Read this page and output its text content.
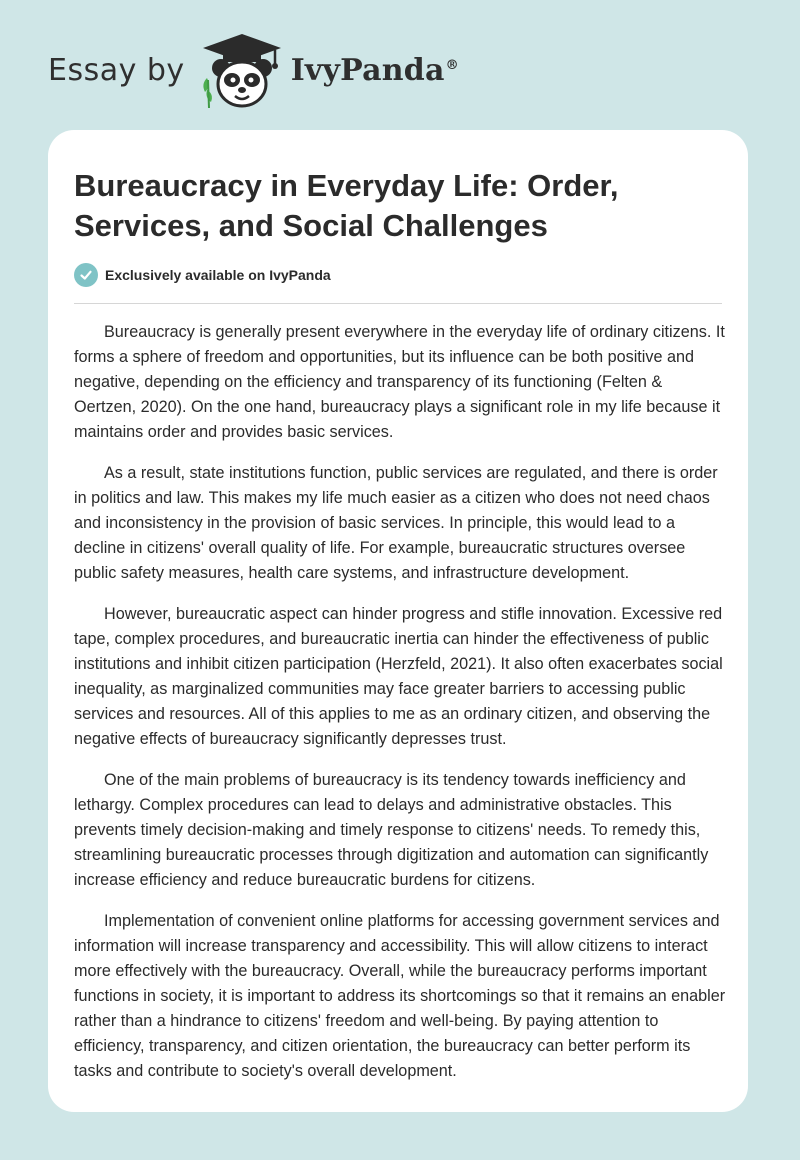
Essay by	IvyPanda®
Bureaucracy in Everyday Life: Order, Services, and Social Challenges
Exclusively available on IvyPanda

Bureaucracy is generally present everywhere in the everyday life of ordinary citizens. It forms a sphere of freedom and opportunities, but its influence can be both positive and negative, depending on the efficiency and transparency of its functioning (Felten & Oertzen, 2020). On the one hand, bureaucracy plays a significant role in my life because it maintains order and provides basic services.

As a result, state institutions function, public services are regulated, and there is order in politics and law. This makes my life much easier as a citizen who does not need chaos and inconsistency in the provision of basic services. In principle, this would lead to a decline in citizens' overall quality of life. For example, bureaucratic structures oversee public safety measures, health care systems, and infrastructure development.

However, bureaucratic aspect can hinder progress and stifle innovation. Excessive red tape, complex procedures, and bureaucratic inertia can hinder the effectiveness of public institutions and inhibit citizen participation (Herzfeld, 2021). It also often exacerbates social inequality, as marginalized communities may face greater barriers to accessing public services and resources. All of this applies to me as an ordinary citizen, and observing the negative effects of bureaucracy significantly depresses trust.

One of the main problems of bureaucracy is its tendency towards inefficiency and lethargy. Complex procedures can lead to delays and administrative obstacles. This prevents timely decision-making and timely response to citizens' needs. To remedy this, streamlining bureaucratic processes through digitization and automation can significantly increase efficiency and reduce bureaucratic burdens for citizens.

Implementation of convenient online platforms for accessing government services and information will increase transparency and accessibility. This will allow citizens to interact more effectively with the bureaucracy. Overall, while the bureaucracy performs important functions in society, it is important to address its shortcomings so that it remains an enabler rather than a hindrance to citizens' freedom and well-being. By paying attention to efficiency, transparency, and citizen orientation, the bureaucracy can better perform its tasks and contribute to society's overall development.
